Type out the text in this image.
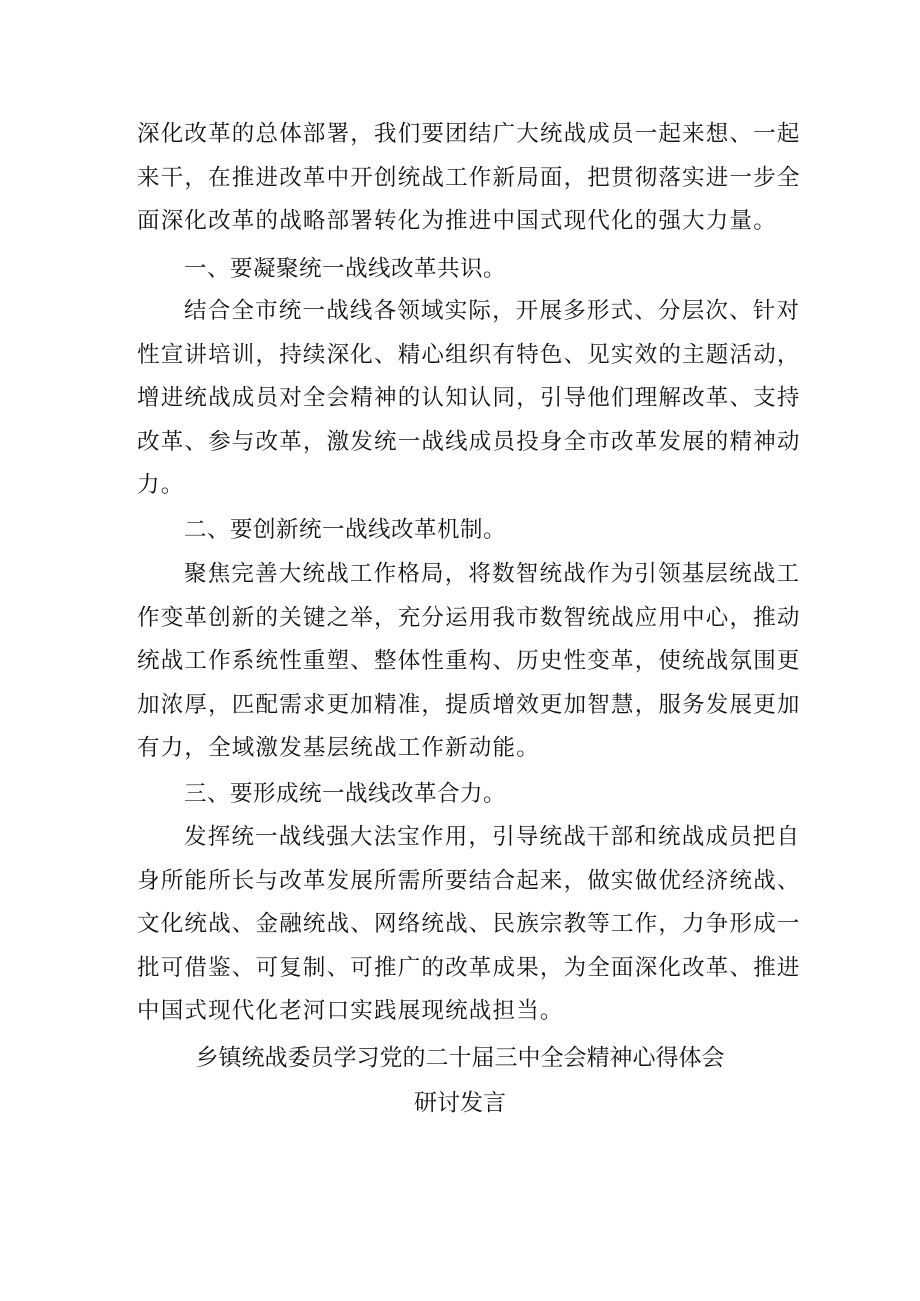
深化改革的总体部署，我们要团结广大统战成员一起来想、一起
来干，在推进改革中开创统战工作新局面，把贯彻落实进一步全
面深化改革的战略部署转化为推进中国式现代化的强大力量。
一、要凝聚统一战线改革共识。
结合全市统一战线各领域实际，开展多形式、分层次、针对
性宣讲培训，持续深化、精心组织有特色、见实效的主题活动，
增进统战成员对全会精神的认知认同，引导他们理解改革、支持
改革、参与改革，激发统一战线成员投身全市改革发展的精神动
力。
二、要创新统一战线改革机制。
聚焦完善大统战工作格局，将数智统战作为引领基层统战工
作变革创新的关键之举，充分运用我市数智统战应用中心，推动
统战工作系统性重塑、整体性重构、历史性变革，使统战氛围更
加浓厚，匹配需求更加精准，提质增效更加智慧，服务发展更加
有力，全域激发基层统战工作新动能。
三、要形成统一战线改革合力。
发挥统一战线强大法宝作用，引导统战干部和统战成员把自
身所能所长与改革发展所需所要结合起来，做实做优经济统战、
文化统战、金融统战、网络统战、民族宗教等工作，力争形成一
批可借鉴、可复制、可推广的改革成果，为全面深化改革、推进
中国式现代化老河口实践展现统战担当。
乡镇统战委员学习党的二十届三中全会精神心得体会
研讨发言
